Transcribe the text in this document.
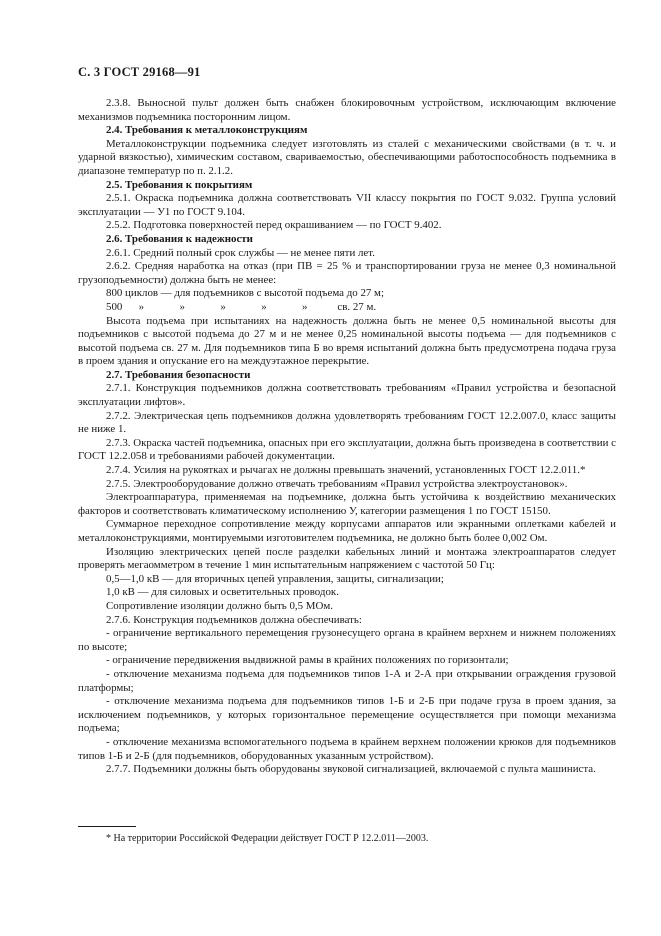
С. 3 ГОСТ 29168—91

2.3.8. Выносной пульт должен быть снабжен блокировочным устройством, исключающим включение механизмов подъемника посторонним лицом.

2.4. Требования к металлоконструкциям

Металлоконструкции подъемника следует изготовлять из сталей с механическими свойствами (в т. ч. и ударной вязкостью), химическим составом, свариваемостью, обеспечивающими работоспособность подъемника в диапазоне температур по п. 2.1.2.

2.5. Требования к покрытиям

2.5.1. Окраска подъемника должна соответствовать VII классу покрытия по ГОСТ 9.032. Группа условий эксплуатации — У1 по ГОСТ 9.104.

2.5.2. Подготовка поверхностей перед окрашиванием — по ГОСТ 9.402.

2.6. Требования к надежности

2.6.1. Средний полный срок службы — не менее пяти лет.

2.6.2. Средняя наработка на отказ (при ПВ = 25 % и транспортировании груза не менее 0,3 номинальной грузоподъемности) должна быть не менее:

800 циклов — для подъемников с высотой подъема до 27 м;

500      »             »             »             »             »           св. 27 м.

Высота подъема при испытаниях на надежность должна быть не менее 0,5 номинальной высоты для подъемников с высотой подъема до 27 м и не менее 0,25 номинальной высоты подъема — для подъемников с высотой подъема св. 27 м. Для подъемников типа Б во время испытаний должна быть предусмотрена подача груза в проем здания и опускание его на междуэтажное перекрытие.

2.7. Требования безопасности

2.7.1. Конструкция подъемников должна соответствовать требованиям «Правил устройства и безопасной эксплуатации лифтов».

2.7.2. Электрическая цепь подъемников должна удовлетворять требованиям ГОСТ 12.2.007.0, класс защиты не ниже 1.

2.7.3. Окраска частей подъемника, опасных при его эксплуатации, должна быть произведена в соответствии с ГОСТ 12.2.058 и требованиями рабочей документации.

2.7.4. Усилия на рукоятках и рычагах не должны превышать значений, установленных ГОСТ 12.2.011.*

2.7.5. Электрооборудование должно отвечать требованиям «Правил устройства электроустановок».

Электроаппаратура, применяемая на подъемнике, должна быть устойчива к воздействию механических факторов и соответствовать климатическому исполнению У, категории размещения 1 по ГОСТ 15150.

Суммарное переходное сопротивление между корпусами аппаратов или экранными оплетками кабелей и металлоконструкциями, монтируемыми изготовителем подъемника, не должно быть более 0,002 Ом.

Изоляцию электрических цепей после разделки кабельных линий и монтажа электроаппаратов следует проверять мегаомметром в течение 1 мин испытательным напряжением с частотой 50 Гц:

0,5—1,0 кВ — для вторичных цепей управления, защиты, сигнализации;

1,0 кВ — для силовых и осветительных проводок.

Сопротивление изоляции должно быть 0,5 МОм.

2.7.6. Конструкция подъемников должна обеспечивать:

- ограничение вертикального перемещения грузонесущего органа в крайнем верхнем и нижнем положениях по высоте;

- ограничение передвижения выдвижной рамы в крайних положениях по горизонтали;

- отключение механизма подъема для подъемников типов 1-А и 2-А при открывании ограждения грузовой платформы;

- отключение механизма подъема для подъемников типов 1-Б и 2-Б при подаче груза в проем здания, за исключением подъемников, у которых горизонтальное перемещение осуществляется при помощи механизма подъема;

- отключение механизма вспомогательного подъема в крайнем верхнем положении крюков для подъемников типов 1-Б и 2-Б (для подъемников, оборудованных указанным устройством).

2.7.7. Подъемники должны быть оборудованы звуковой сигнализацией, включаемой с пульта машиниста.

* На территории Российской Федерации действует ГОСТ Р 12.2.011—2003.
